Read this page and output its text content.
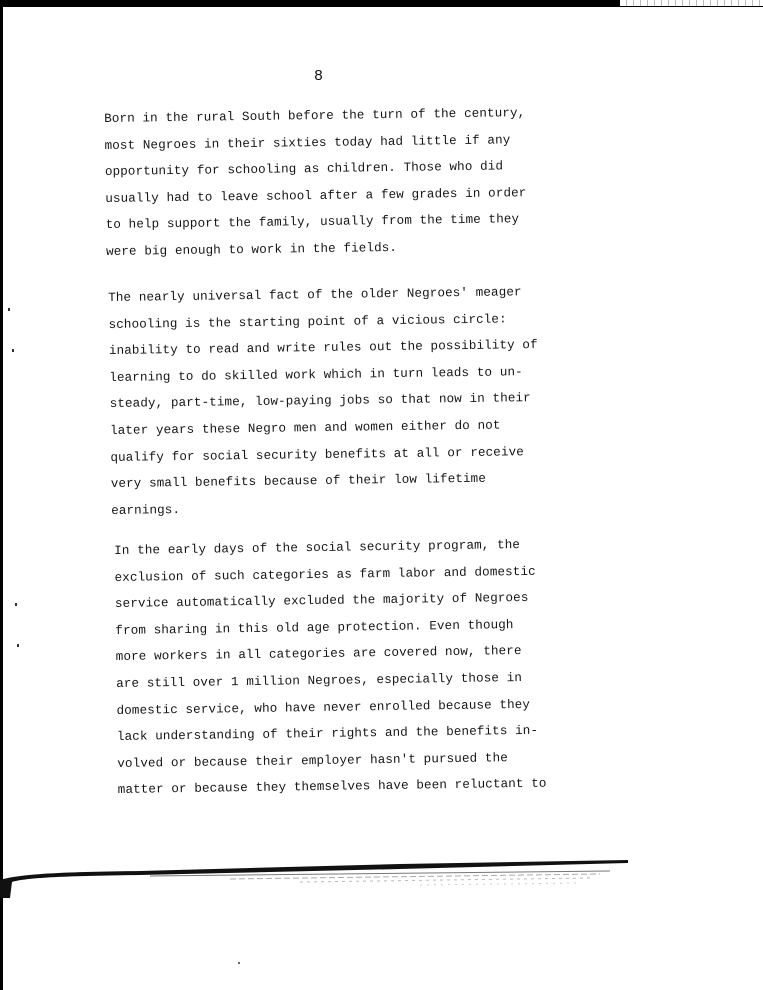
8
Born in the rural South before the turn of the century,
most Negroes in their sixties today had little if any
opportunity for schooling as children. Those who did
usually had to leave school after a few grades in order
to help support the family, usually from the time they
were big enough to work in the fields.
The nearly universal fact of the older Negroes' meager
schooling is the starting point of a vicious circle:
inability to read and write rules out the possibility of
learning to do skilled work which in turn leads to un-
steady, part-time, low-paying jobs so that now in their
later years these Negro men and women either do not
qualify for social security benefits at all or receive
very small benefits because of their low lifetime
earnings.
In the early days of the social security program, the
exclusion of such categories as farm labor and domestic
service automatically excluded the majority of Negroes
from sharing in this old age protection. Even though
more workers in all categories are covered now, there
are still over 1 million Negroes, especially those in
domestic service, who have never enrolled because they
lack understanding of their rights and the benefits in-
volved or because their employer hasn't pursued the
matter or because they themselves have been reluctant to
